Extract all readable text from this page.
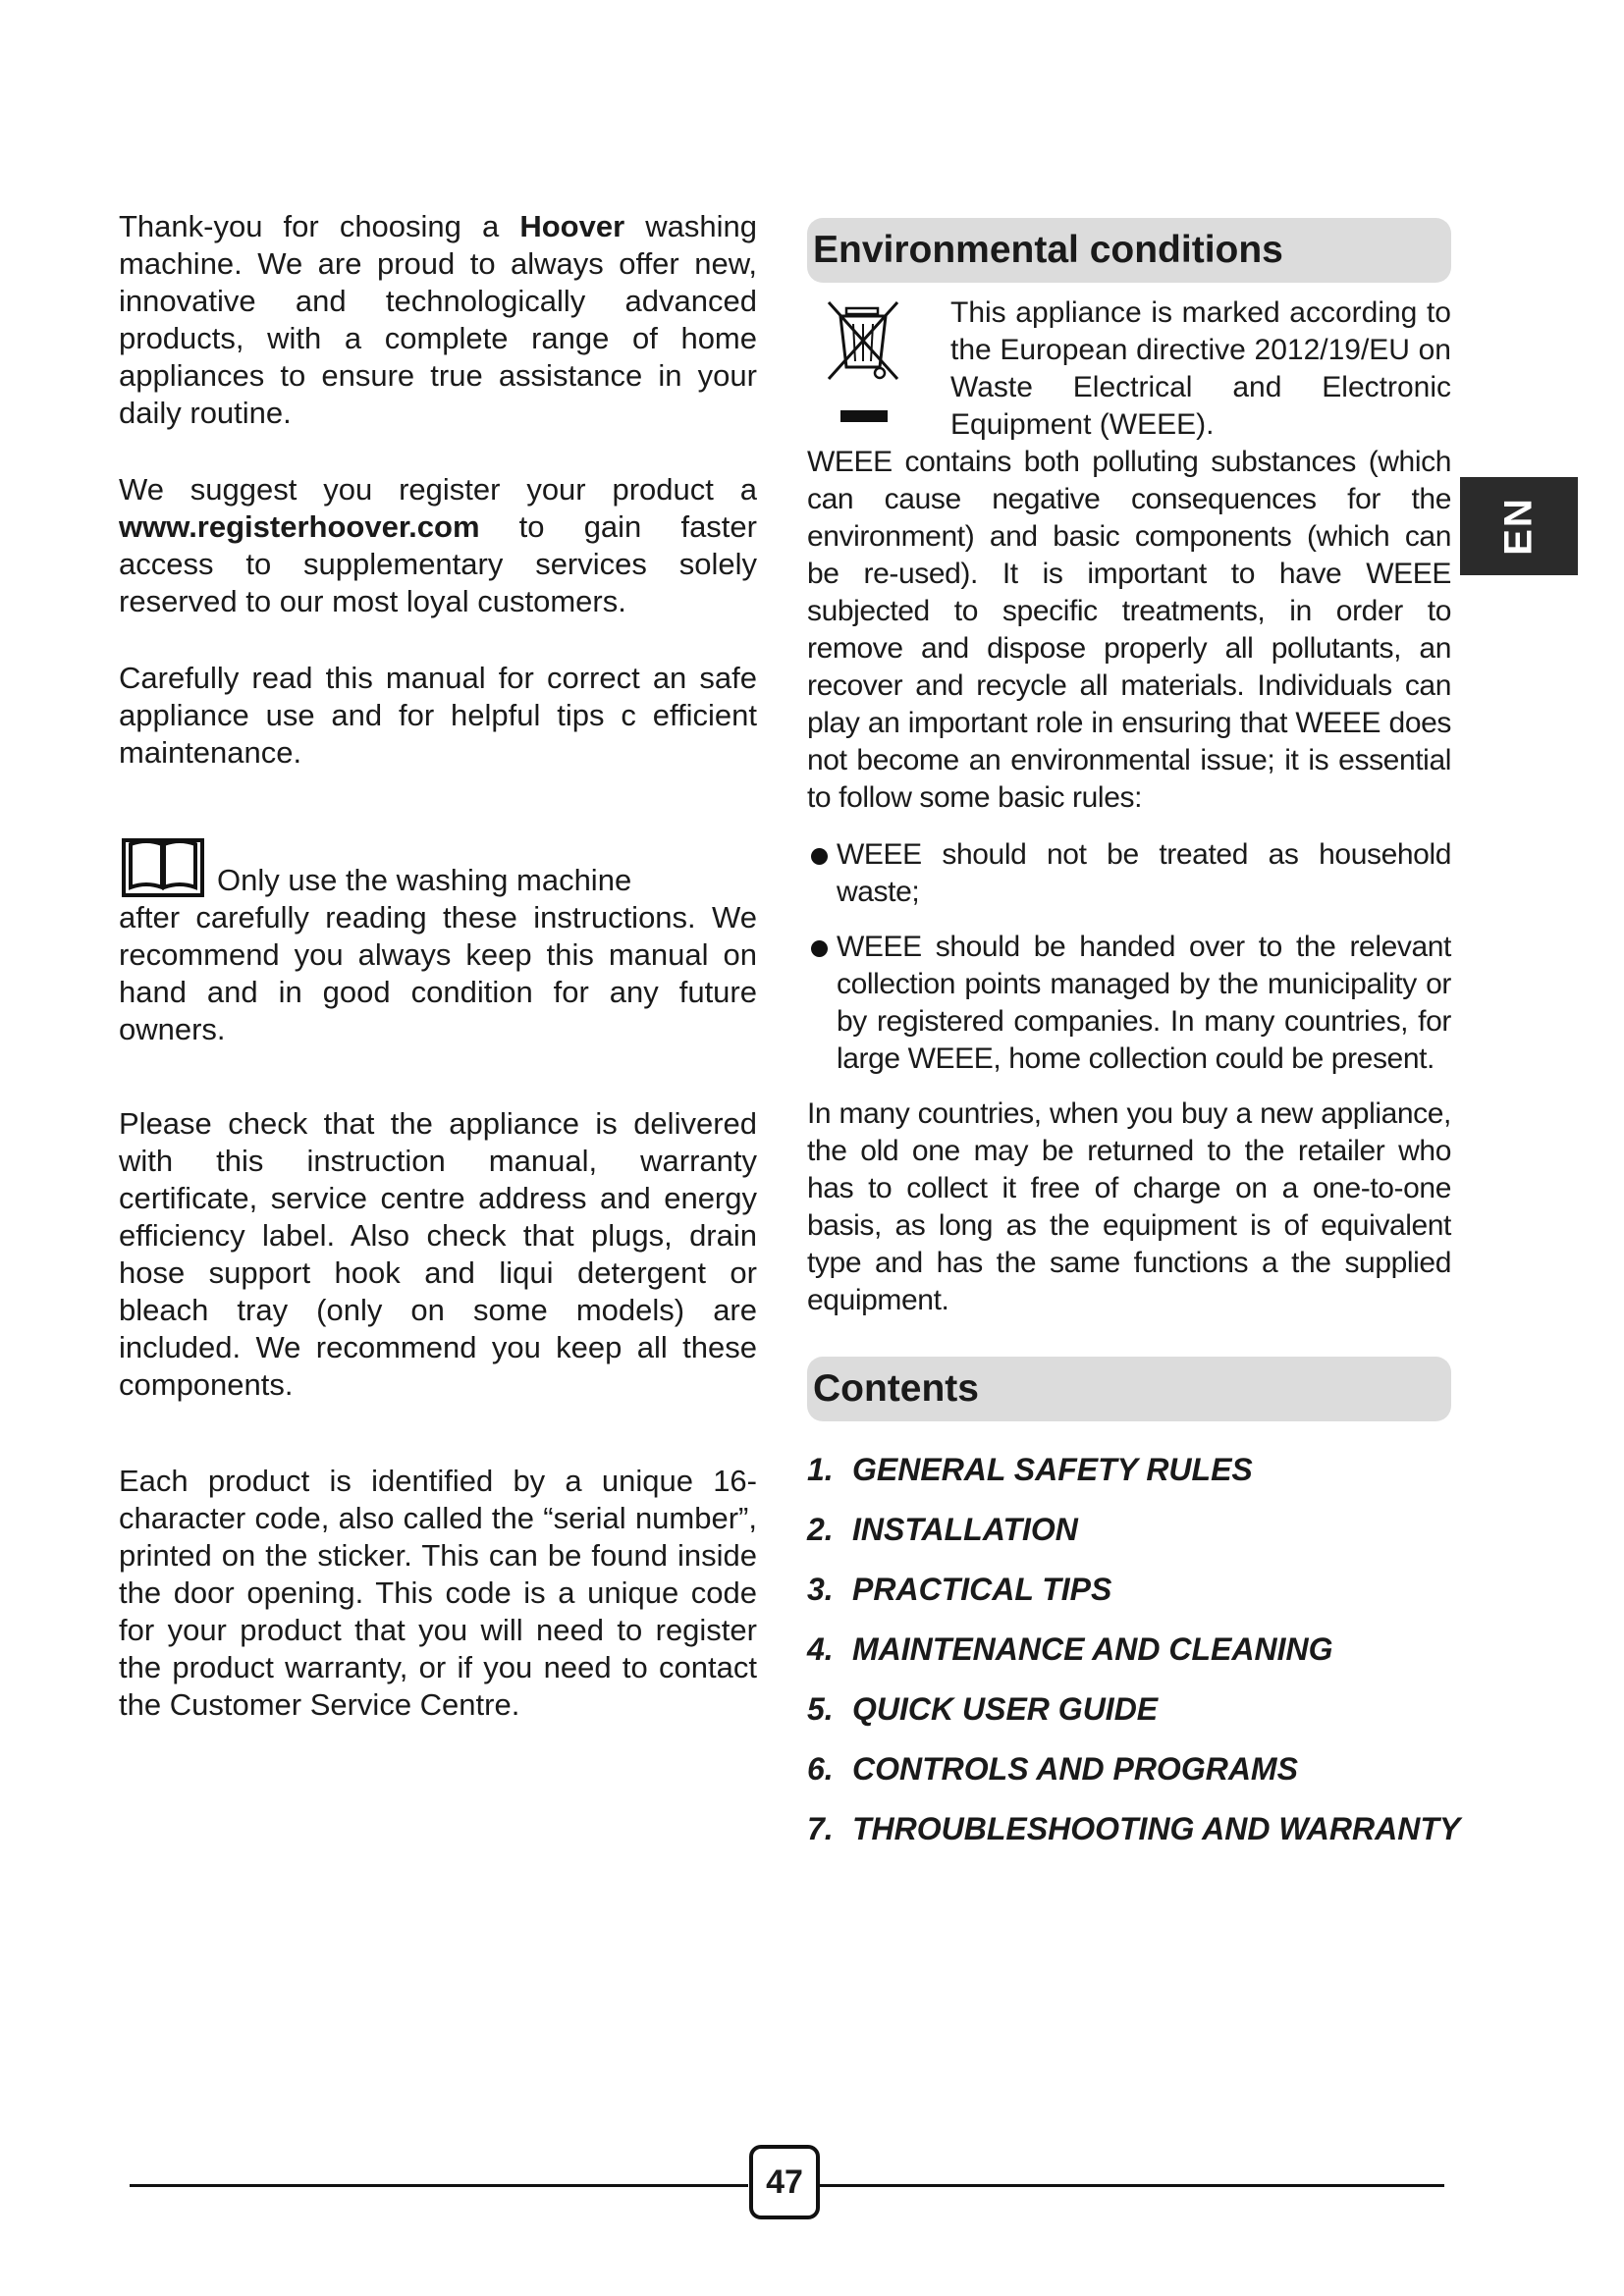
Thank-you for choosing a Hoover washing machine. We are proud to always offer new, innovative and technologically advanced products, with a complete range of home appliances to ensure true assistance in your daily routine.

We suggest you register your product a www.registerhoover.com to gain faster access to supplementary services solely reserved to our most loyal customers.

Carefully read this manual for correct an safe appliance use and for helpful tips c efficient maintenance.

Only use the washing machine

after carefully reading these instructions. We recommend you always keep this manual on hand and in good condition for any future owners.

Please check that the appliance is delivered with this instruction manual, warranty certificate, service centre address and energy efficiency label. Also check that plugs, drain hose support hook and liqui detergent or bleach tray (only on some models) are included. We recommend you keep all these components.

Each product is identified by a unique 16-character code, also called the “serial number”, printed on the sticker. This can be found inside the door opening. This code is a unique code for your product that you will need to register the product warranty, or if you need to contact the Customer Service Centre.

Environmental conditions
This appliance is marked according to the European directive 2012/19/EU on Waste Electrical and Electronic Equipment (WEEE).

WEEE contains both polluting substances (which can cause negative consequences for the environment) and basic components (which can be re-used). It is important to have WEEE subjected to specific treatments, in order to remove and dispose properly all pollutants, an recover and recycle all materials. Individuals can play an important role in ensuring that WEEE does not become an environmental issue; it is essential to follow some basic rules:

WEEE should not be treated as household waste;
WEEE should be handed over to the relevant collection points managed by the municipality or by registered companies. In many countries, for large WEEE, home collection could be present.

In many countries, when you buy a new appliance, the old one may be returned to the retailer who has to collect it free of charge on a one-to-one basis, as long as the equipment is of equivalent type and has the same functions a the supplied equipment.

Contents
1. GENERAL SAFETY RULES
2. INSTALLATION
3. PRACTICAL TIPS
4. MAINTENANCE AND CLEANING
5. QUICK USER GUIDE
6. CONTROLS AND PROGRAMS
7. THROUBLESHOOTING AND WARRANTY
EN
47
